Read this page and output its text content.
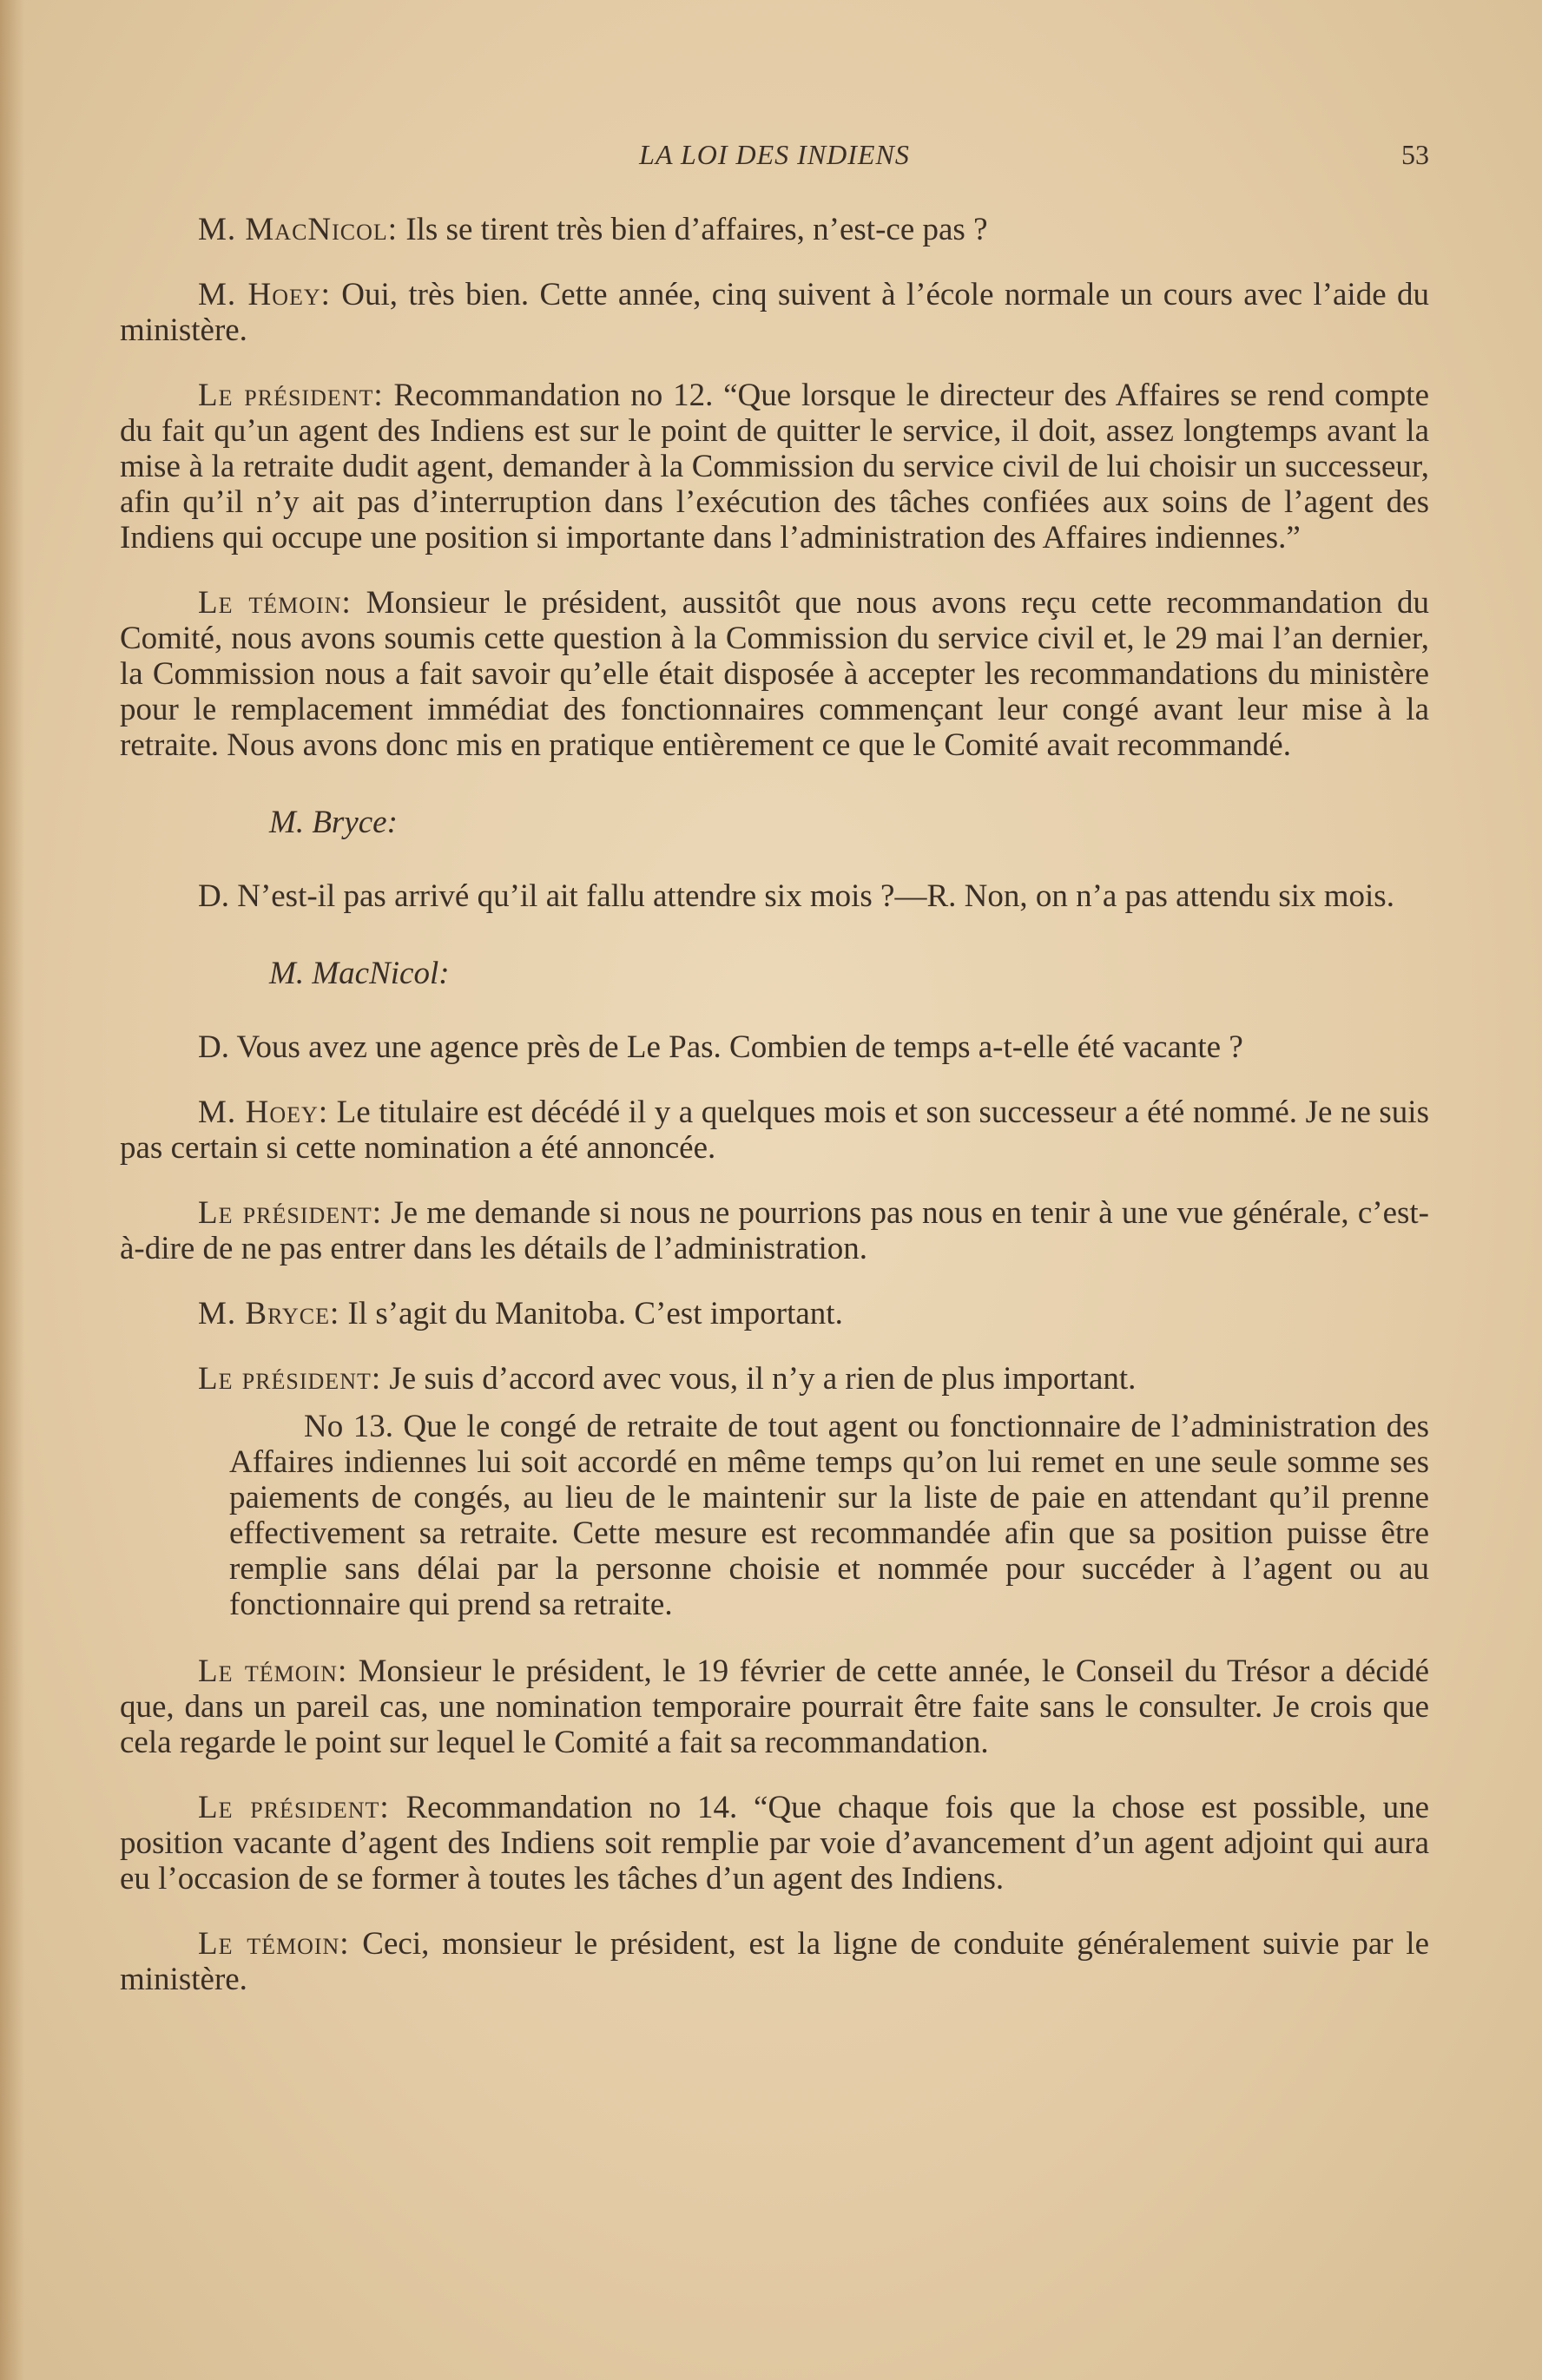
LA LOI DES INDIENS	53

M. MacNicol: Ils se tirent très bien d’affaires, n’est-ce pas ?

M. Hoey: Oui, très bien. Cette année, cinq suivent à l’école normale un cours avec l’aide du ministère.

Le président: Recommandation no 12. “Que lorsque le directeur des Affaires se rend compte du fait qu’un agent des Indiens est sur le point de quitter le service, il doit, assez longtemps avant la mise à la retraite dudit agent, demander à la Commission du service civil de lui choisir un successeur, afin qu’il n’y ait pas d’interruption dans l’exécution des tâches confiées aux soins de l’agent des Indiens qui occupe une position si importante dans l’administration des Affaires indiennes.”

Le témoin: Monsieur le président, aussitôt que nous avons reçu cette recommandation du Comité, nous avons soumis cette question à la Commission du service civil et, le 29 mai l’an dernier, la Commission nous a fait savoir qu’elle était disposée à accepter les recommandations du ministère pour le remplacement immédiat des fonctionnaires commençant leur congé avant leur mise à la retraite. Nous avons donc mis en pratique entièrement ce que le Comité avait recommandé.

M. Bryce:

D. N’est-il pas arrivé qu’il ait fallu attendre six mois ?—R. Non, on n’a pas attendu six mois.

M. MacNicol:

D. Vous avez une agence près de Le Pas. Combien de temps a-t-elle été vacante ?

M. Hoey: Le titulaire est décédé il y a quelques mois et son successeur a été nommé. Je ne suis pas certain si cette nomination a été annoncée.

Le président: Je me demande si nous ne pourrions pas nous en tenir à une vue générale, c’est-à-dire de ne pas entrer dans les détails de l’administration.

M. Bryce: Il s’agit du Manitoba. C’est important.

Le président: Je suis d’accord avec vous, il n’y a rien de plus important.

No 13. Que le congé de retraite de tout agent ou fonctionnaire de l’administration des Affaires indiennes lui soit accordé en même temps qu’on lui remet en une seule somme ses paiements de congés, au lieu de le maintenir sur la liste de paie en attendant qu’il prenne effectivement sa retraite. Cette mesure est recommandée afin que sa position puisse être remplie sans délai par la personne choisie et nommée pour succéder à l’agent ou au fonctionnaire qui prend sa retraite.

Le témoin: Monsieur le président, le 19 février de cette année, le Conseil du Trésor a décidé que, dans un pareil cas, une nomination temporaire pourrait être faite sans le consulter. Je crois que cela regarde le point sur lequel le Comité a fait sa recommandation.

Le président: Recommandation no 14. “Que chaque fois que la chose est possible, une position vacante d’agent des Indiens soit remplie par voie d’avancement d’un agent adjoint qui aura eu l’occasion de se former à toutes les tâches d’un agent des Indiens.

Le témoin: Ceci, monsieur le président, est la ligne de conduite généralement suivie par le ministère.
